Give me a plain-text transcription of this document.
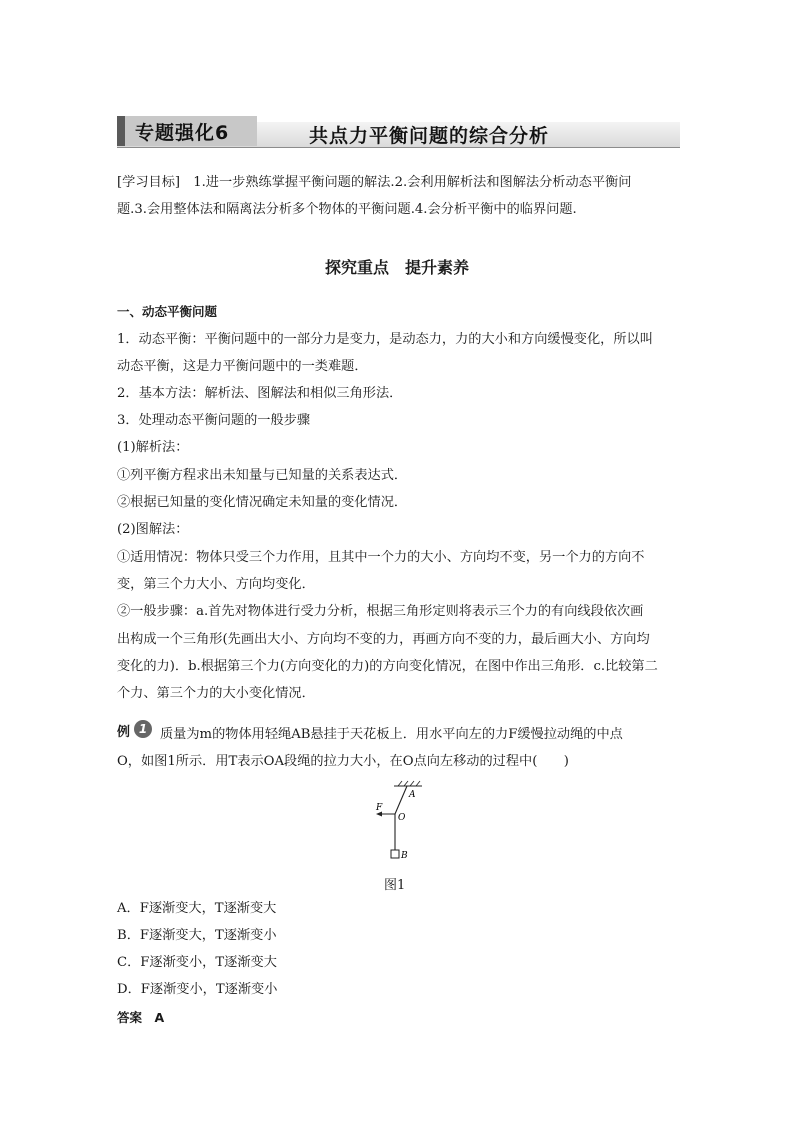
专题强化6	共点力平衡问题的综合分析
[学习目标]　1.进一步熟练掌握平衡问题的解法.2.会利用解析法和图解法分析动态平衡问
题.3.会用整体法和隔离法分析多个物体的平衡问题.4.会分析平衡中的临界问题.
探究重点　提升素养
一、动态平衡问题
1．动态平衡：平衡问题中的一部分力是变力，是动态力，力的大小和方向缓慢变化，所以叫
动态平衡，这是力平衡问题中的一类难题．
2．基本方法：解析法、图解法和相似三角形法．
3．处理动态平衡问题的一般步骤
(1)解析法：
①列平衡方程求出未知量与已知量的关系表达式．
②根据已知量的变化情况确定未知量的变化情况．
(2)图解法：
①适用情况：物体只受三个力作用，且其中一个力的大小、方向均不变，另一个力的方向不
变，第三个力大小、方向均变化．
②一般步骤：a.首先对物体进行受力分析，根据三角形定则将表示三个力的有向线段依次画
出构成一个三角形(先画出大小、方向均不变的力，再画方向不变的力，最后画大小、方向均
变化的力)．b.根据第三个力(方向变化的力)的方向变化情况，在图中作出三角形．c.比较第二
个力、第三个力的大小变化情况．
例 1 质量为m的物体用轻绳AB悬挂于天花板上．用水平向左的力F缓慢拉动绳的中点
O，如图1所示．用T表示OA段绳的拉力大小，在O点向左移动的过程中(　　)
A
F
O
B
图1
A．F逐渐变大，T逐渐变大
B．F逐渐变大，T逐渐变小
C．F逐渐变小，T逐渐变大
D．F逐渐变小，T逐渐变小
答案　A
